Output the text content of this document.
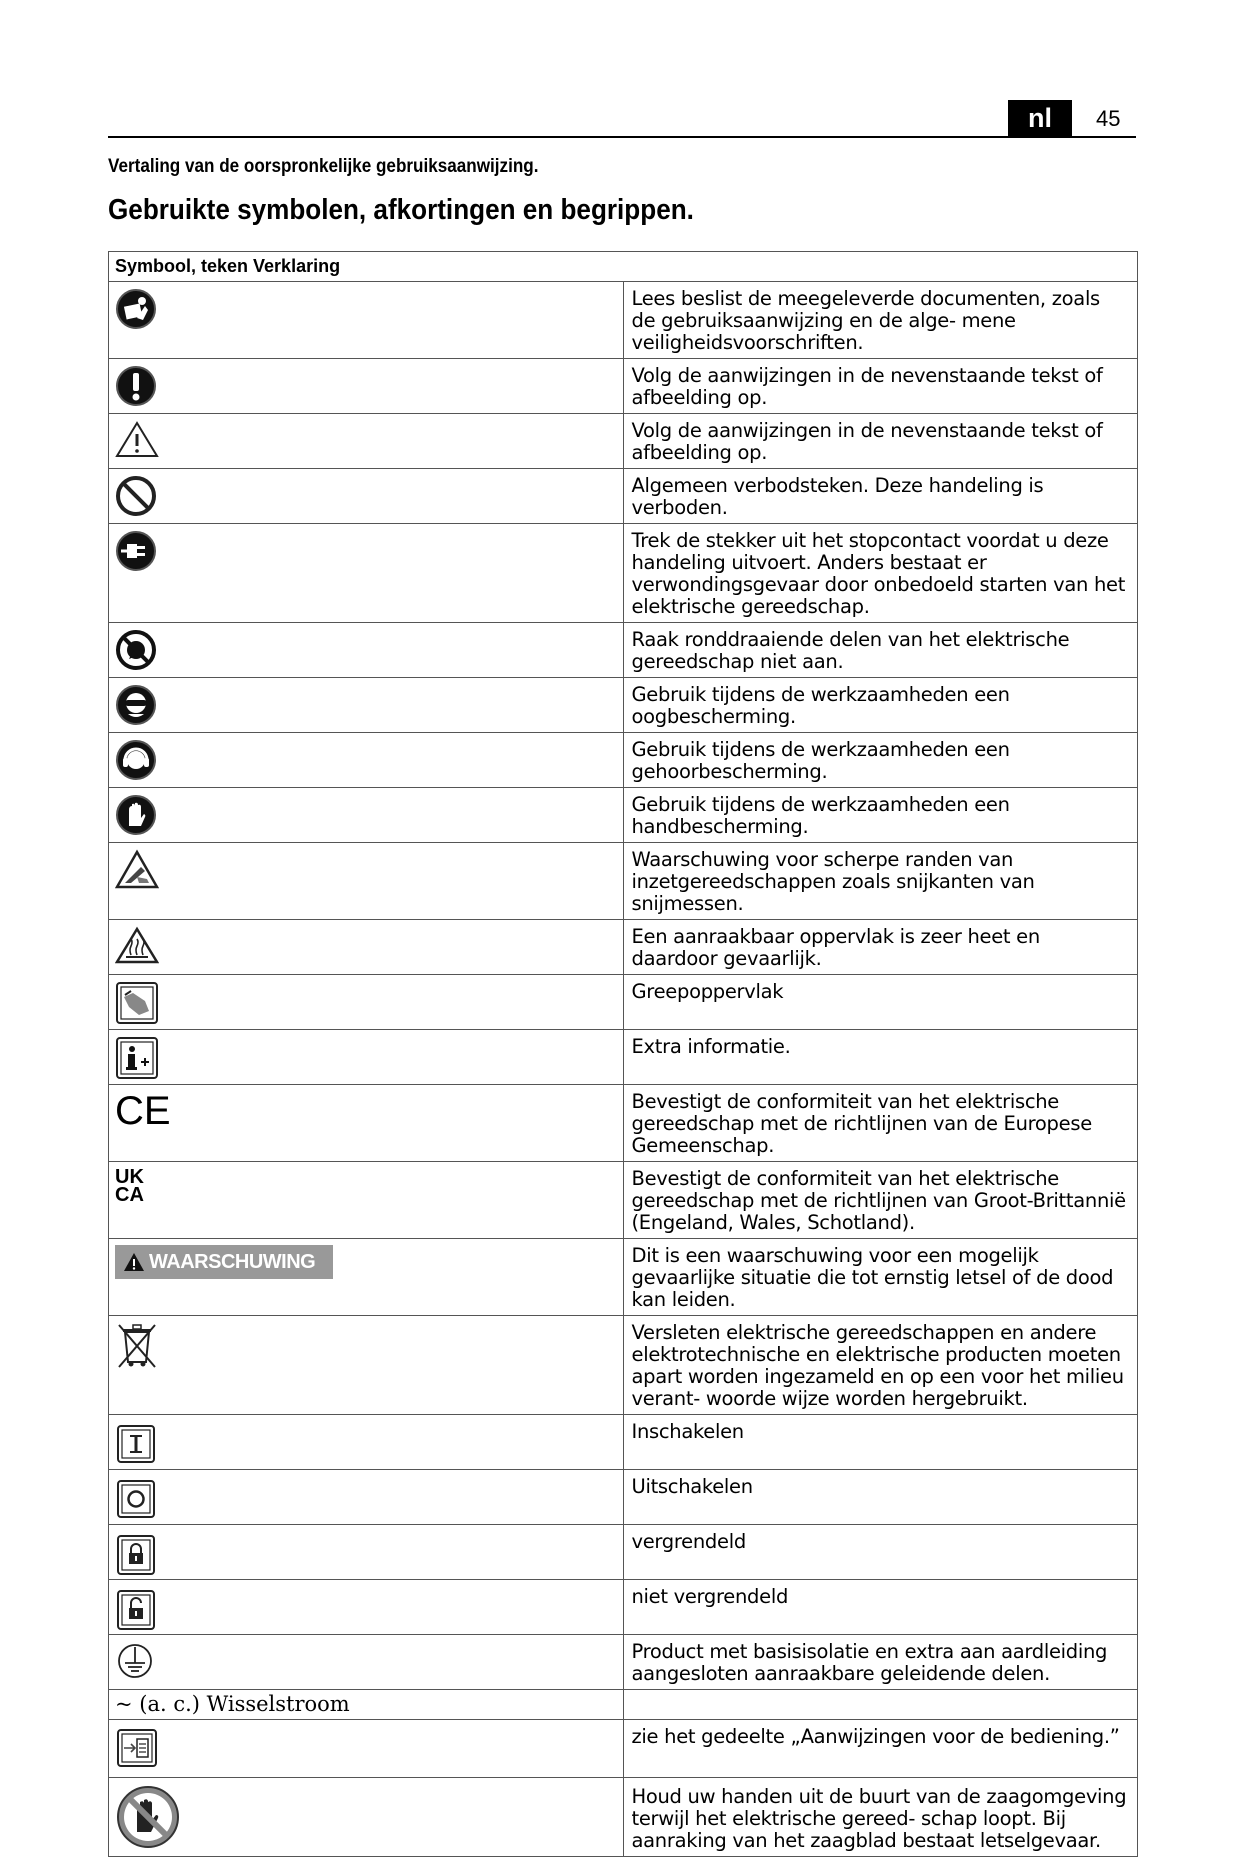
nl	45
Vertaling van de oorspronkelijke gebruiksaanwijzing.
Gebruikte symbolen, afkortingen en begrippen.
Symbool, teken Verklaring	

	Lees beslist de meegeleverde documenten, zoals de gebruiksaanwijzing en de alge- mene veiligheidsvoorschriften.

	Volg de aanwijzingen in de nevenstaande tekst of afbeelding op.

	Volg de aanwijzingen in de nevenstaande tekst of afbeelding op.

	Algemeen verbodsteken. Deze handeling is verboden.

	Trek de stekker uit het stopcontact voordat u deze handeling uitvoert. Anders bestaat er verwondingsgevaar door onbedoeld starten van het elektrische gereedschap.

	Raak ronddraaiende delen van het elektrische gereedschap niet aan.

	Gebruik tijdens de werkzaamheden een oogbescherming.

	Gebruik tijdens de werkzaamheden een gehoorbescherming.

	Gebruik tijdens de werkzaamheden een handbescherming.

	Waarschuwing voor scherpe randen van inzetgereedschappen zoals snijkanten van snijmessen.

	Een aanraakbaar oppervlak is zeer heet en daardoor gevaarlijk.

	Greepoppervlak

	Extra informatie.

CE	Bevestigt de conformiteit van het elektrische gereedschap met de richtlijnen van de Europese Gemeenschap.

UK CA	Bevestigt de conformiteit van het elektrische gereedschap met de richtlijnen van Groot-Brittannië (Engeland, Wales, Schotland).

WAARSCHUWING	Dit is een waarschuwing voor een mogelijk gevaarlijke situatie die tot ernstig letsel of de dood kan leiden.

	Versleten elektrische gereedschappen en andere elektrotechnische en elektrische producten moeten apart worden ingezameld en op een voor het milieu verant- woorde wijze worden hergebruikt.

	Inschakelen

	Uitschakelen

	vergrendeld

	niet vergrendeld

	Product met basisisolatie en extra aan aardleiding aangesloten aanraakbare geleidende delen.
~ (a. c.) Wisselstroom	

	zie het gedeelte „Aanwijzingen voor de bediening.”

	Houd uw handen uit de buurt van de zaagomgeving terwijl het elektrische gereed- schap loopt. Bij aanraking van het zaagblad bestaat letselgevaar.
